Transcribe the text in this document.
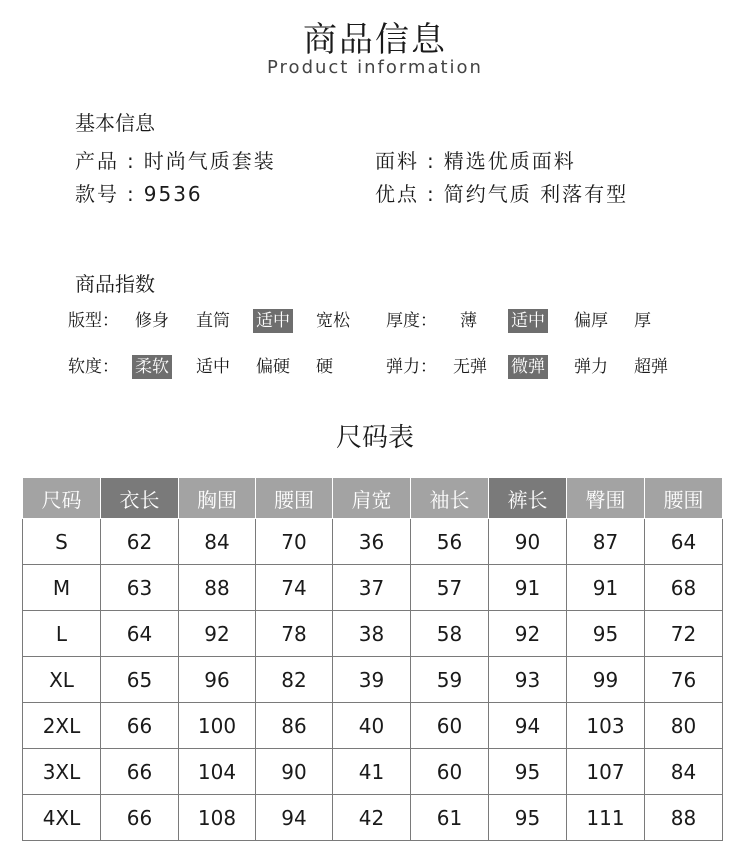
商品信息
Product information
基本信息
产品 : 时尚气质套装	面料 : 精选优质面料
款号 : 9536	优点 : 简约气质 利落有型
商品指数
版型： 修身 直筒 适中 宽松 厚度： 薄 适中 偏厚 厚
软度： 柔软 适中 偏硬 硬	弹力： 无弹 微弹 弹力 超弹
尺码表
尺码	衣长	胸围	腰围	肩宽	袖长	裤长	臀围	腰围
S	62	84	70	36	56	90	87	64
M	63	88	74	37	57	91	91	68
L	64	92	78	38	58	92	95	72
XL	65	96	82	39	59	93	99	76
2XL	66	100	86	40	60	94	103	80
3XL	66	104	90	41	60	95	107	84
4XL	66	108	94	42	61	95	111	88
